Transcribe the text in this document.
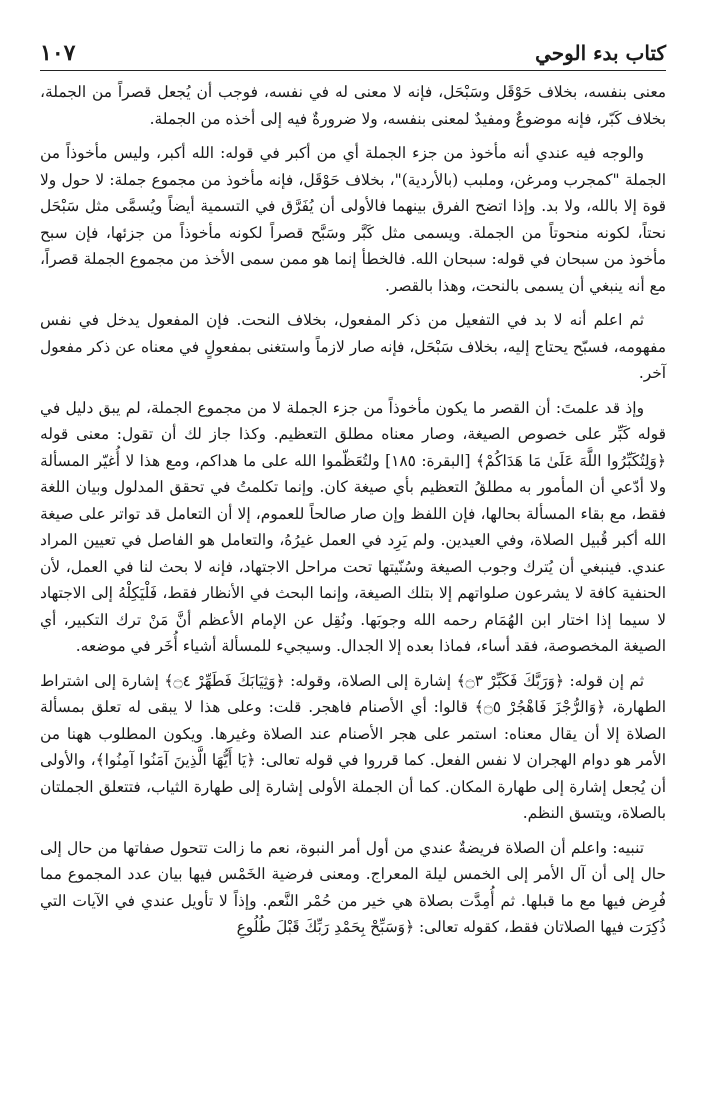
كتاب بدء الوحي
١٠٧

معنى بنفسه، بخلاف حَوْقَل وسَبْحَل، فإنه لا معنى له في نفسه، فوجب أن يُجعل قصراً من الجملة، بخلاف كَبّر، فإنه موضوعٌ ومفيدٌ لمعنى بنفسه، ولا ضرورةٌ فيه إلى أخذه من الجملة.

والوجه فيه عندي أنه مأخوذ من جزء الجملة أي من أكبر في قوله: الله أكبر، وليس مأخوذاً من الجملة "كمجرب ومرغن، وملبب (بالأردية)"، بخلاف حَوْقَل، فإنه مأخوذ من مجموع جملة: لا حول ولا قوة إلا بالله، ولا بد. وإذا اتضح الفرق بينهما فالأولى أن يُفَرَّق في التسمية أيضاً ويُسمَّى مثل سَبْحَل نحتاً، لكونه منحوتاً من الجملة. ويسمى مثل كَبَّر وسَبَّح قصراً لكونه مأخوذاً من جزئها، فإن سبح مأخوذ من سبحان في قوله: سبحان الله. فالخطأ إنما هو ممن سمى الأخذ من مجموع الجملة قصراً، مع أنه ينبغي أن يسمى بالنحت، وهذا بالقصر.

ثم اعلم أنه لا بد في التفعيل من ذكر المفعول، بخلاف النحت. فإن المفعول يدخل في نفس مفهومه، فسبّح يحتاج إليه، بخلاف سَبْحَل، فإنه صار لازماً واستغنى بمفعولٍ في معناه عن ذكر مفعول آخر.

وإذ قد علمتَ: أن القصر ما يكون مأخوذاً من جزء الجملة لا من مجموع الجملة، لم يبق دليل في قوله كَبِّر على خصوص الصيغة، وصار معناه مطلق التعظيم. وكذا جاز لك أن تقول: معنى قوله ﴿وَلِتُكَبِّرُوا اللَّهَ عَلَىٰ مَا هَدَاكُمْ﴾ [البقرة: ١٨٥] ولتُعَظّموا الله على ما هداكم، ومع هذا لا أُغيّر المسألة ولا أدّعي أن المأمور به مطلقُ التعظيم بأي صيغة كان. وإنما تكلمتُ في تحقق المدلول وبيان اللغة فقط، مع بقاء المسألة بحالها، فإن اللفظ وإن صار صالحاً للعموم، إلا أن التعامل قد تواتر على صيغة الله أكبر قُبيل الصلاة، وفي العيدين. ولم يَرِد في العمل غيرُهُ، والتعامل هو الفاصل في تعيين المراد عندي. فينبغي أن يُترك وجوب الصيغة وسُنّيتها تحت مراحل الاجتهاد، فإنه لا بحث لنا في العمل، لأن الحنفية كافة لا يشرعون صلواتهم إلا بتلك الصيغة، وإنما البحث في الأنظار فقط، فَلْيَكِلْهُ إلى الاجتهاد لا سيما إذا اختار ابن الهُمَام رحمه الله وجوبَها. ونُقِل عن الإمام الأعظم أنَّ مَنْ ترك التكبير، أي الصيغة المخصوصة، فقد أساء، فماذا بعده إلا الجدال. وسيجيء للمسألة أشياء أُخَر في موضعه.

ثم إن قوله: ﴿وَرَبَّكَ فَكَبِّرْ ۝٣﴾ إشارة إلى الصلاة، وقوله: ﴿وَثِيَابَكَ فَطَهِّرْ ۝٤﴾ إشارة إلى اشتراط الطهارة، ﴿وَالرُّجْزَ فَاهْجُرْ ۝٥﴾ قالوا: أي الأصنام فاهجر. قلت: وعلى هذا لا يبقى له تعلق بمسألة الصلاة إلا أن يقال معناه: استمر على هجر الأصنام عند الصلاة وغيرها. ويكون المطلوب ههنا من الأمر هو دوام الهجران لا نفس الفعل. كما قرروا في قوله تعالى: ﴿يَا أَيُّهَا الَّذِينَ آمَنُوا آمِنُوا﴾، والأولى أن يُجعل إشارة إلى طهارة المكان. كما أن الجملة الأولى إشارة إلى طهارة الثياب، فتتعلق الجملتان بالصلاة، ويتسق النظم.

تنبيه: واعلم أن الصلاة فريضةٌ عندي من أول أمر النبوة، نعم ما زالت تتحول صفاتها من حال إلى حال إلى أن آل الأمر إلى الخمس ليلة المعراج. ومعنى فرضية الخَمْس فيها بيان عدد المجموع مما فُرِض فيها مع ما قبلها. ثم أُمِدَّت بصلاة هي خير من حُمْر النَّعم. وإذاً لا تأويل عندي في الآيات التي ذُكِرَت فيها الصلاتان فقط، كقوله تعالى: ﴿وَسَبِّحْ بِحَمْدِ رَبِّكَ قَبْلَ طُلُوعِ
